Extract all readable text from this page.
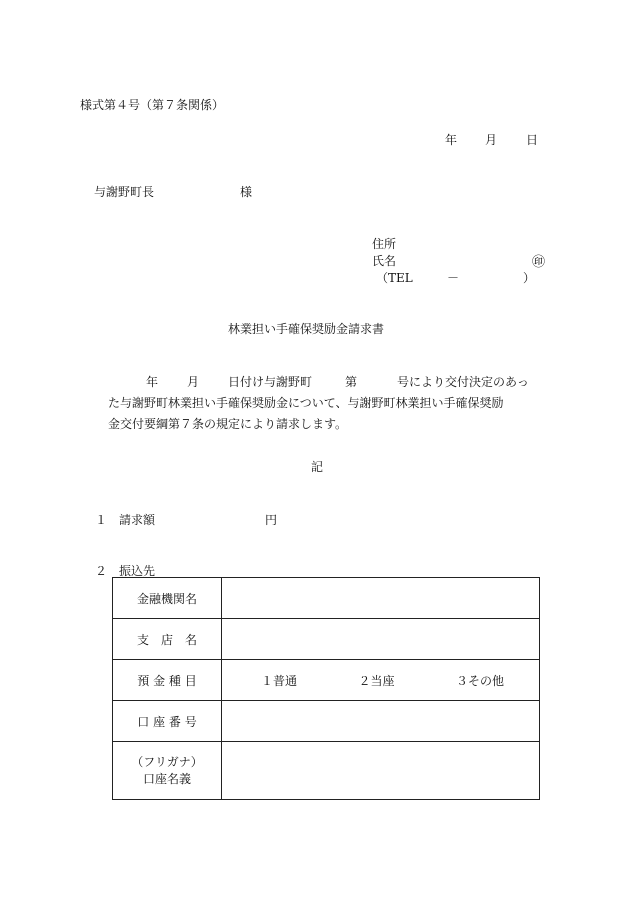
様式第４号（第７条関係）
年 月 日
与謝野町長	様
住所
氏名	㊞
（TEL	－	）
林業担い手確保奨励金請求書
年 月 日付け与謝野町	第	号により交付決定のあっ
た与謝野町林業担い手確保奨励金について、与謝野町林業担い手確保奨励
金交付要綱第７条の規定により請求します。
記
１ 請求額	円
２ 振込先
金融機関名	
支　店　名	
預 金 種 目	１普通 ２当座 ３その他

口 座 番 号	

（フリガナ）
口座名義	
